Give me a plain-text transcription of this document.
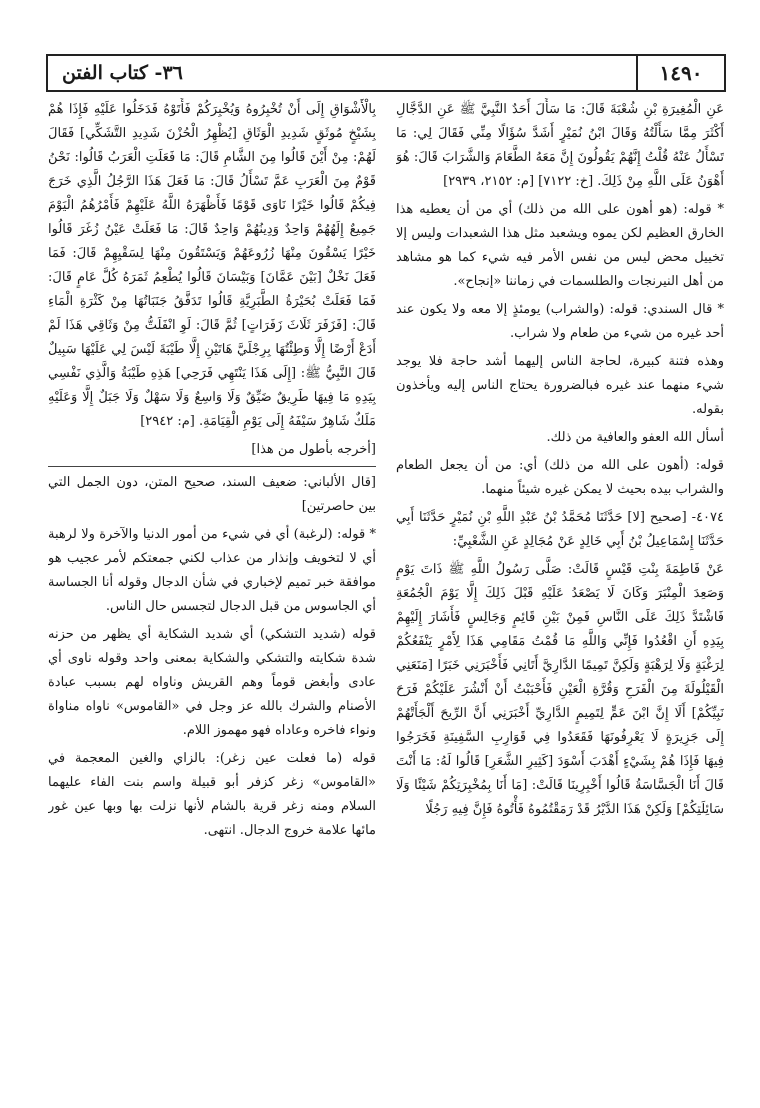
٣٦- كتاب الفتن	١٤٩٠

عَنِ الْمُغِيرَةِ بْنِ شُعْبَةَ قَالَ: مَا سَأَلَ أَحَدٌ النَّبِيَّ ﷺ عَنِ الدَّجَّالِ أَكْثَرَ مِمَّا سَأَلْتُهُ وَقَالَ ابْنُ نُمَيْرٍ أَشَدَّ سُؤَالًا مِنِّي فَقَالَ لِي: مَا تَسْأَلُ عَنْهُ قُلْتُ إِنَّهُمْ يَقُولُونَ إِنَّ مَعَهُ الطَّعَامَ وَالشَّرَابَ قَالَ: هُوَ أَهْوَنُ عَلَى اللَّهِ مِنْ ذَلِكَ. [خ: ٧١٢٢] [م: ٢١٥٢، ٢٩٣٩]

* قوله: (هو أهون على الله من ذلك) أي من أن يعطيه هذا الخارق العظيم لكن يموه ويشعبد مثل هذا الشعبدات وليس إلا تخييل محض ليس من نفس الأمر فيه شيء كما هو مشاهد من أهل النيرنجات والطلسمات في زماننا «إنجاح».

* قال السندي: قوله: (والشراب) يومئذٍ إلا معه ولا يكون عند أحد غيره من شيء من طعام ولا شراب.

وهذه فتنة كبيرة، لحاجة الناس إليهما أشد حاجة فلا يوجد شيء منهما عند غيره فبالضرورة يحتاج الناس إليه ويأخذون بقوله.

أسأل الله العفو والعافية من ذلك.

قوله: (أهون على الله من ذلك) أي: من أن يجعل الطعام والشراب بيده بحيث لا يمكن غيره شيئاً منهما.

٤٠٧٤- [صحيح [لا] حَدَّثَنَا مُحَمَّدُ بْنُ عَبْدِ اللَّهِ بْنِ نُمَيْرٍ حَدَّثَنَا أَبِي حَدَّثَنَا إِسْمَاعِيلُ بْنُ أَبِي خَالِدٍ عَنْ مُجَالِدٍ عَنِ الشَّعْبِيِّ:

عَنْ فَاطِمَةَ بِنْتِ قَيْسٍ قَالَتْ: صَلَّى رَسُولُ اللَّهِ ﷺ ذَاتَ يَوْمٍ وَصَعِدَ الْمِنْبَرَ وَكَانَ لَا يَصْعَدُ عَلَيْهِ قَبْلَ ذَلِكَ إِلَّا يَوْمَ الْجُمُعَةِ فَاشْتَدَّ ذَلِكَ عَلَى النَّاسِ فَمِنْ بَيْنِ قَائِمٍ وَجَالِسٍ فَأَشَارَ إِلَيْهِمْ بِيَدِهِ أَنِ اقْعُدُوا فَإِنِّي وَاللَّهِ مَا قُمْتُ مَقَامِي هَذَا لِأَمْرٍ يَنْفَعُكُمْ لِرَغْبَةٍ وَلَا لِرَهْبَةٍ وَلَكِنَّ تَمِيمًا الدَّارِيَّ أَتَانِي فَأَخْبَرَنِي خَبَرًا [مَنَعَنِي الْقَيْلُولَةَ مِنَ الْفَرَحِ وَقُرَّةِ الْعَيْنِ فَأَحْبَبْتُ أَنْ أَنْشُرَ عَلَيْكُمْ فَرَحَ نَبِيِّكُمْ] أَلَا إِنَّ ابْنَ عَمٍّ لِتَمِيمٍ الدَّارِيِّ أَخْبَرَنِي أَنَّ الرِّيحَ أَلْجَأَتْهُمْ إِلَى جَزِيرَةٍ لَا يَعْرِفُونَهَا فَقَعَدُوا فِي قَوَارِبِ السَّفِينَةِ فَخَرَجُوا فِيهَا فَإِذَا هُمْ بِشَيْءٍ أَهْدَبَ أَسْوَدَ [كَثِيرِ الشَّعَرِ] قَالُوا لَهُ: مَا أَنْتَ قَالَ أَنَا الْجَسَّاسَةُ قَالُوا أَخْبِرِينَا قَالَتْ: [مَا أَنَا بِمُخْبِرَتِكُمْ شَيْئًا وَلَا سَائِلَتِكُمْ] وَلَكِنْ هَذَا الدَّيْرُ قَدْ رَمَقْتُمُوهُ فَأْتُوهُ فَإِنَّ فِيهِ رَجُلًا

بِالْأَشْوَاقِ إِلَى أَنْ تُخْبِرُوهُ وَيُخْبِرَكُمْ فَأَتَوْهُ فَدَخَلُوا عَلَيْهِ فَإِذَا هُمْ بِشَيْخٍ مُوثَقٍ شَدِيدِ الْوَثَاقِ [يُظْهِرُ الْحُزْنَ شَدِيدِ التَّشَكِّي] فَقَالَ لَهُمْ: مِنْ أَيْنَ قَالُوا مِنَ الشَّامِ قَالَ: مَا فَعَلَتِ الْعَرَبُ قَالُوا: نَحْنُ قَوْمٌ مِنَ الْعَرَبِ عَمَّ تَسْأَلُ قَالَ: مَا فَعَلَ هَذَا الرَّجُلُ الَّذِي خَرَجَ فِيكُمْ قَالُوا خَيْرًا نَاوَى قَوْمًا فَأَظْهَرَهُ اللَّهُ عَلَيْهِمْ فَأَمْرُهُمُ الْيَوْمَ جَمِيعٌ إِلَهُهُمْ وَاحِدٌ وَدِينُهُمْ وَاحِدٌ قَالَ: مَا فَعَلَتْ عَيْنُ زُغَرَ قَالُوا خَيْرًا يَسْقُونَ مِنْهَا زُرُوعَهُمْ وَيَسْتَقُونَ مِنْهَا لِسَقْيِهِمْ قَالَ: فَمَا فَعَلَ نَخْلٌ [بَيْنَ عَمَّانَ] وَبَيْسَانَ قَالُوا يُطْعِمُ ثَمَرَهُ كُلَّ عَامٍ قَالَ: فَمَا فَعَلَتْ بُحَيْرَةُ الطَّبَرِيَّةِ قَالُوا تَدَفَّقُ جَنَبَاتُهَا مِنْ كَثْرَةِ الْمَاءِ قَالَ: [فَزَفَرَ ثَلَاثَ زَفَرَاتٍ] ثُمَّ قَالَ: لَوِ انْفَلَتُّ مِنْ وَثَاقِي هَذَا لَمْ أَدَعْ أَرْضًا إِلَّا وَطِئْتُهَا بِرِجْلَيَّ هَاتَيْنِ إِلَّا طَيْبَةَ لَيْسَ لِي عَلَيْهَا سَبِيلٌ قَالَ النَّبِيُّ ﷺ: [إِلَى هَذَا يَنْتَهِي فَرَحِي] هَذِهِ طَيْبَةُ وَالَّذِي نَفْسِي بِيَدِهِ مَا فِيهَا طَرِيقٌ ضَيِّقٌ وَلَا وَاسِعٌ وَلَا سَهْلٌ وَلَا جَبَلٌ إِلَّا وَعَلَيْهِ مَلَكٌ شَاهِرٌ سَيْفَهُ إِلَى يَوْمِ الْقِيَامَةِ. [م: ٢٩٤٢]

[أخرجه بأطول من هذا]

[قال الألباني: ضعيف السند، صحيح المتن، دون الجمل التي بين حاصرتين]

* قوله: (لرغبة) أي في شيء من أمور الدنيا والآخرة ولا لرهبة أي لا لتخويف وإنذار من عذاب لكني جمعتكم لأمر عجيب هو موافقة خبر تميم لإخباري في شأن الدجال وقوله أنا الجساسة أي الجاسوس من قبل الدجال لتجسس حال الناس.

قوله (شديد التشكي) أي شديد الشكاية أي يظهر من حزنه شدة شكايته والتشكي والشكاية بمعنى واحد وقوله ناوى أي عادى وأبغض قوماً وهم القريش وناواه لهم بسبب عبادة الأصنام والشرك بالله عز وجل في «القاموس» ناواه مناواة ونواء فاخره وعاداه فهو مهموز اللام.

قوله (ما فعلت عين زغر): بالزاي والغين المعجمة في «القاموس» زغر كزفر أبو قبيلة واسم بنت الفاء عليهما السلام ومنه زغر قرية بالشام لأنها نزلت بها وبها عين غور مائها علامة خروج الدجال. انتهى.
